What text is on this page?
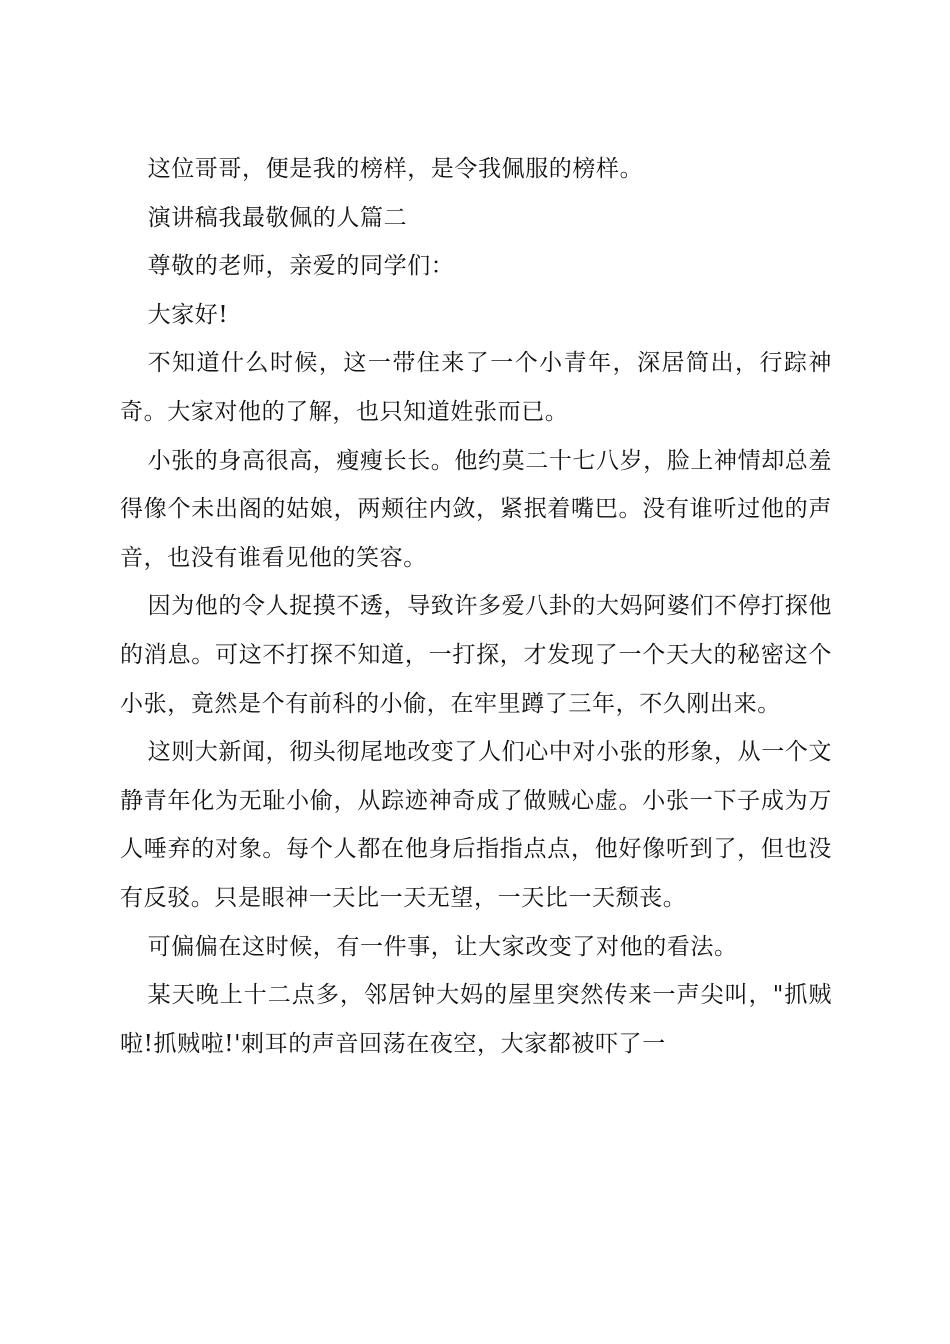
这位哥哥，便是我的榜样，是令我佩服的榜样。

演讲稿我最敬佩的人篇二

尊敬的老师，亲爱的同学们：

大家好!

不知道什么时候，这一带住来了一个小青年，深居简出，行踪神奇。大家对他的了解，也只知道姓张而已。

小张的身高很高，瘦瘦长长。他约莫二十七八岁，脸上神情却总羞得像个未出阁的姑娘，两颊往内敛，紧抿着嘴巴。没有谁听过他的声音，也没有谁看见他的笑容。

因为他的令人捉摸不透，导致许多爱八卦的大妈阿婆们不停打探他的消息。可这不打探不知道，一打探，才发现了一个天大的秘密这个小张，竟然是个有前科的小偷，在牢里蹲了三年，不久刚出来。

这则大新闻，彻头彻尾地改变了人们心中对小张的形象，从一个文静青年化为无耻小偷，从踪迹神奇成了做贼心虚。小张一下子成为万人唾弃的对象。每个人都在他身后指指点点，他好像听到了，但也没有反驳。只是眼神一天比一天无望，一天比一天颓丧。

可偏偏在这时候，有一件事，让大家改变了对他的看法。

某天晚上十二点多，邻居钟大妈的屋里突然传来一声尖叫，"抓贼啦!抓贼啦!'刺耳的声音回荡在夜空，大家都被吓了一
